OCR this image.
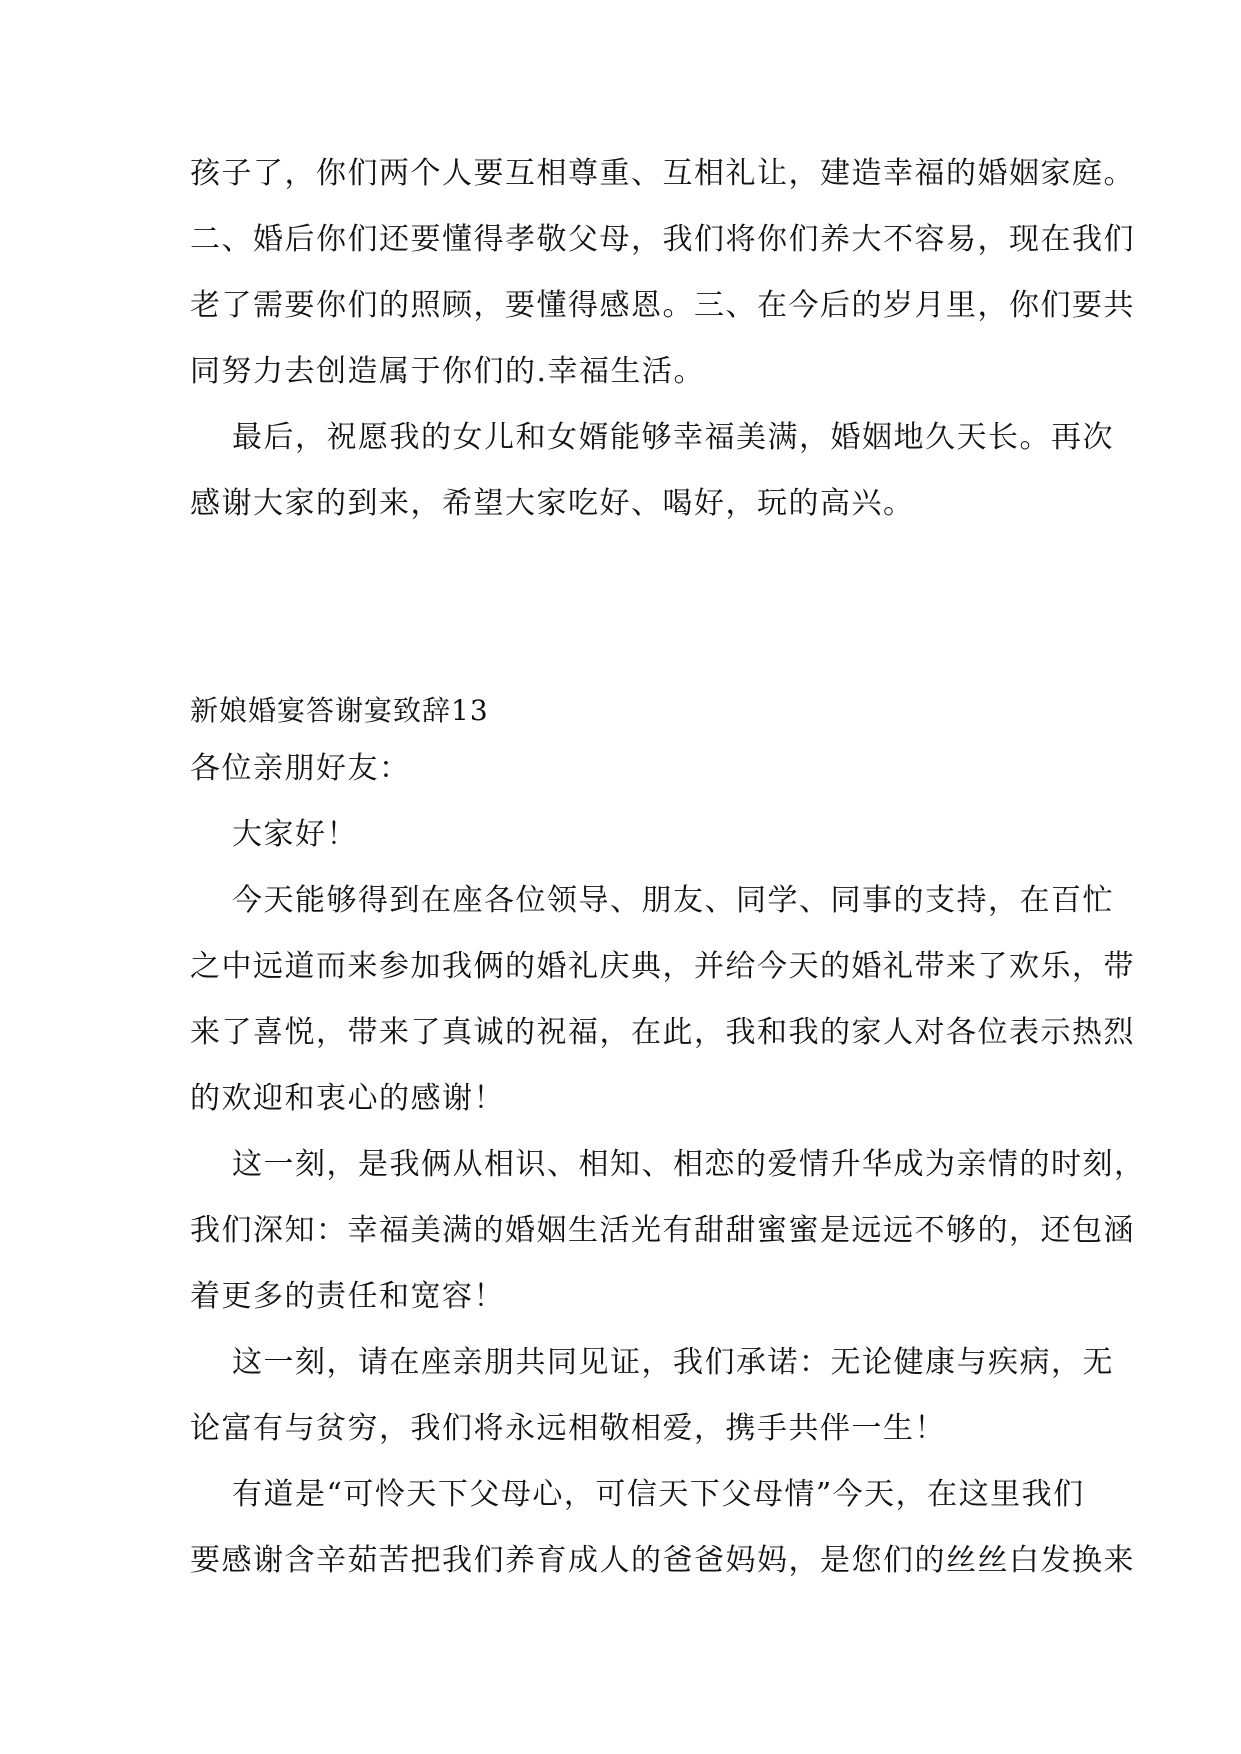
孩子了，你们两个人要互相尊重、互相礼让，建造幸福的婚姻家庭。
二、婚后你们还要懂得孝敬父母，我们将你们养大不容易，现在我们
老了需要你们的照顾，要懂得感恩。三、在今后的岁月里，你们要共
同努力去创造属于你们的.幸福生活。
最后，祝愿我的女儿和女婿能够幸福美满，婚姻地久天长。再次
感谢大家的到来，希望大家吃好、喝好，玩的高兴。
新娘婚宴答谢宴致辞13
各位亲朋好友：
大家好！
今天能够得到在座各位领导、朋友、同学、同事的支持，在百忙
之中远道而来参加我俩的婚礼庆典，并给今天的婚礼带来了欢乐，带
来了喜悦，带来了真诚的祝福，在此，我和我的家人对各位表示热烈
的欢迎和衷心的感谢！
这一刻，是我俩从相识、相知、相恋的爱情升华成为亲情的时刻，
我们深知：幸福美满的婚姻生活光有甜甜蜜蜜是远远不够的，还包涵
着更多的责任和宽容！
这一刻，请在座亲朋共同见证，我们承诺：无论健康与疾病，无
论富有与贫穷，我们将永远相敬相爱，携手共伴一生！
有道是“可怜天下父母心，可信天下父母情”今天，在这里我们
要感谢含辛茹苦把我们养育成人的爸爸妈妈，是您们的丝丝白发换来
